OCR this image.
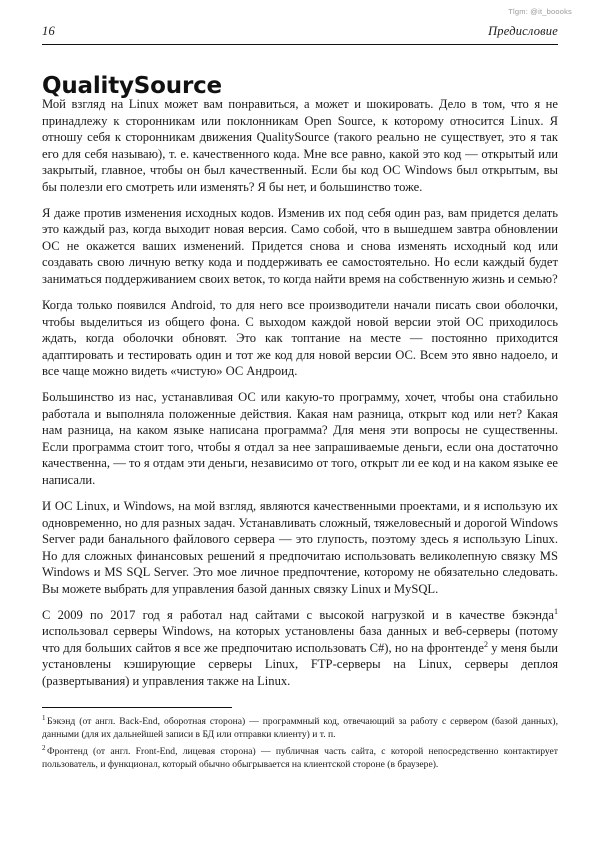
Tlgm: @it_boooks
16	Предисловие
QualitySource

Мой взгляд на Linux может вам понравиться, а может и шокировать. Дело в том, что я не принадлежу к сторонникам или поклонникам Open Source, к которому относится Linux. Я отношу себя к сторонникам движения QualitySource (такого реально не существует, это я так его для себя называю), т. е. качественного кода. Мне все равно, какой это код — открытый или закрытый, главное, чтобы он был качественный. Если бы код ОС Windows был открытым, вы бы полезли его смотреть или изменять? Я бы нет, и большинство тоже.

Я даже против изменения исходных кодов. Изменив их под себя один раз, вам придется делать это каждый раз, когда выходит новая версия. Само собой, что в вышедшем завтра обновлении ОС не окажется ваших изменений. Придется снова и снова изменять исходный код или создавать свою личную ветку кода и поддерживать ее самостоятельно. Но если каждый будет заниматься поддерживанием своих веток, то когда найти время на собственную жизнь и семью?

Когда только появился Android, то для него все производители начали писать свои оболочки, чтобы выделиться из общего фона. С выходом каждой новой версии этой ОС приходилось ждать, когда оболочки обновят. Это как топтание на месте — постоянно приходится адаптировать и тестировать один и тот же код для новой версии ОС. Всем это явно надоело, и все чаще можно видеть «чистую» ОС Андроид.

Большинство из нас, устанавливая ОС или какую-то программу, хочет, чтобы она стабильно работала и выполняла положенные действия. Какая нам разница, открыт код или нет? Какая нам разница, на каком языке написана программа? Для меня эти вопросы не существенны. Если программа стоит того, чтобы я отдал за нее запрашиваемые деньги, если она достаточно качественна, — то я отдам эти деньги, независимо от того, открыт ли ее код и на каком языке ее написали.

И ОС Linux, и Windows, на мой взгляд, являются качественными проектами, и я использую их одновременно, но для разных задач. Устанавливать сложный, тяжеловесный и дорогой Windows Server ради банального файлового сервера — это глупость, поэтому здесь я использую Linux. Но для сложных финансовых решений я предпочитаю использовать великолепную связку MS Windows и MS SQL Server. Это мое личное предпочтение, которому не обязательно следовать. Вы можете выбрать для управления базой данных связку Linux и MySQL.

С 2009 по 2017 год я работал над сайтами с высокой нагрузкой и в качестве бэкэнда$^1$ использовал серверы Windows, на которых установлены база данных и веб-серверы (потому что для больших сайтов я все же предпочитаю использовать C#), но на фронтенде$^2$ у меня были установлены кэширующие серверы Linux, FTP-серверы на Linux, серверы деплоя (развертывания) и управления также на Linux.

$^1$ Бэкэнд (от англ. Back-End, оборотная сторона) — программный код, отвечающий за работу с сервером (базой данных), данными (для их дальнейшей записи в БД или отправки клиенту) и т. п.

$^2$ Фронтенд (от англ. Front-End, лицевая сторона) — публичная часть сайта, с которой непосредственно контактирует пользователь, и функционал, который обычно обыгрывается на клиентской стороне (в браузере).
